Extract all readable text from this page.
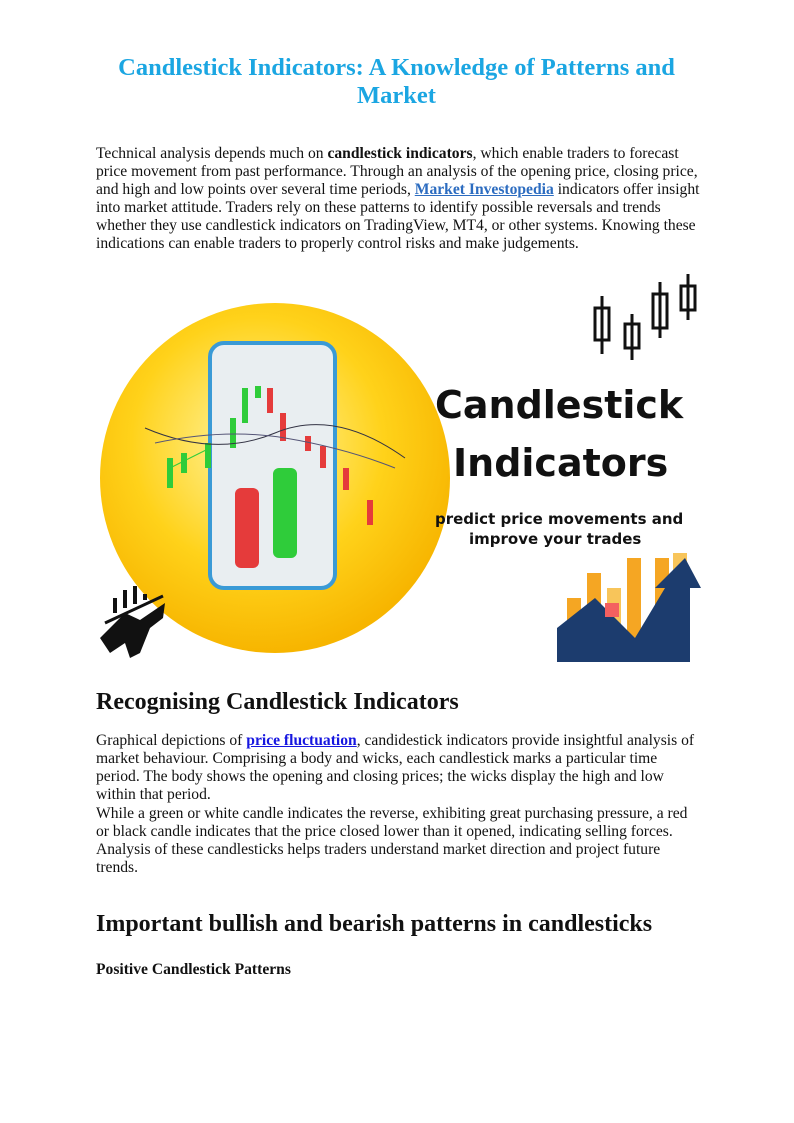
Candlestick Indicators: A Knowledge of Patterns and Market

Technical analysis depends much on candlestick indicators, which enable traders to forecast price movement from past performance. Through an analysis of the opening price, closing price, and high and low points over several time periods, Market Investopedia indicators offer insight into market attitude. Traders rely on these patterns to identify possible reversals and trends whether they use candlestick indicators on TradingView, MT4, or other systems. Knowing these indications can enable traders to properly control risks and make judgements.

Candlestick
Indicators
predict price movements and
improve your trades
Recognising Candlestick Indicators

Graphical depictions of price fluctuation, candidestick indicators provide insightful analysis of market behaviour. Comprising a body and wicks, each candlestick marks a particular time period. The body shows the opening and closing prices; the wicks display the high and low within that period.

While a green or white candle indicates the reverse, exhibiting great purchasing pressure, a red or black candle indicates that the price closed lower than it opened, indicating selling forces. Analysis of these candlesticks helps traders understand market direction and project future trends.

Important bullish and bearish patterns in candlesticks

Positive Candlestick Patterns
